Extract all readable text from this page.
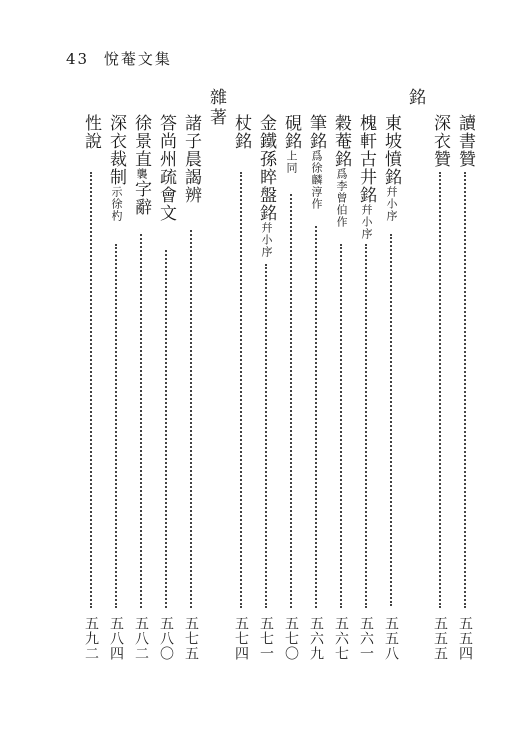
43 悅菴文集
銘
雜著
讀書贊
五五四
深衣贊
五五五
東坡憤銘幷小序
五五八
槐軒古井銘幷小序
五六一
穀菴銘爲李曾伯作
五六七
筆銘爲徐麟淳作
五六九
硯銘上同
五七〇
金鐵孫睟盤銘幷小序
五七一
杖銘
五七四
諸子晨謁辨
五七五
答尚州疏會文
五八〇
徐景直襲字辭
五八二
深衣裁制示徐杓
五八四
性說
五九二
